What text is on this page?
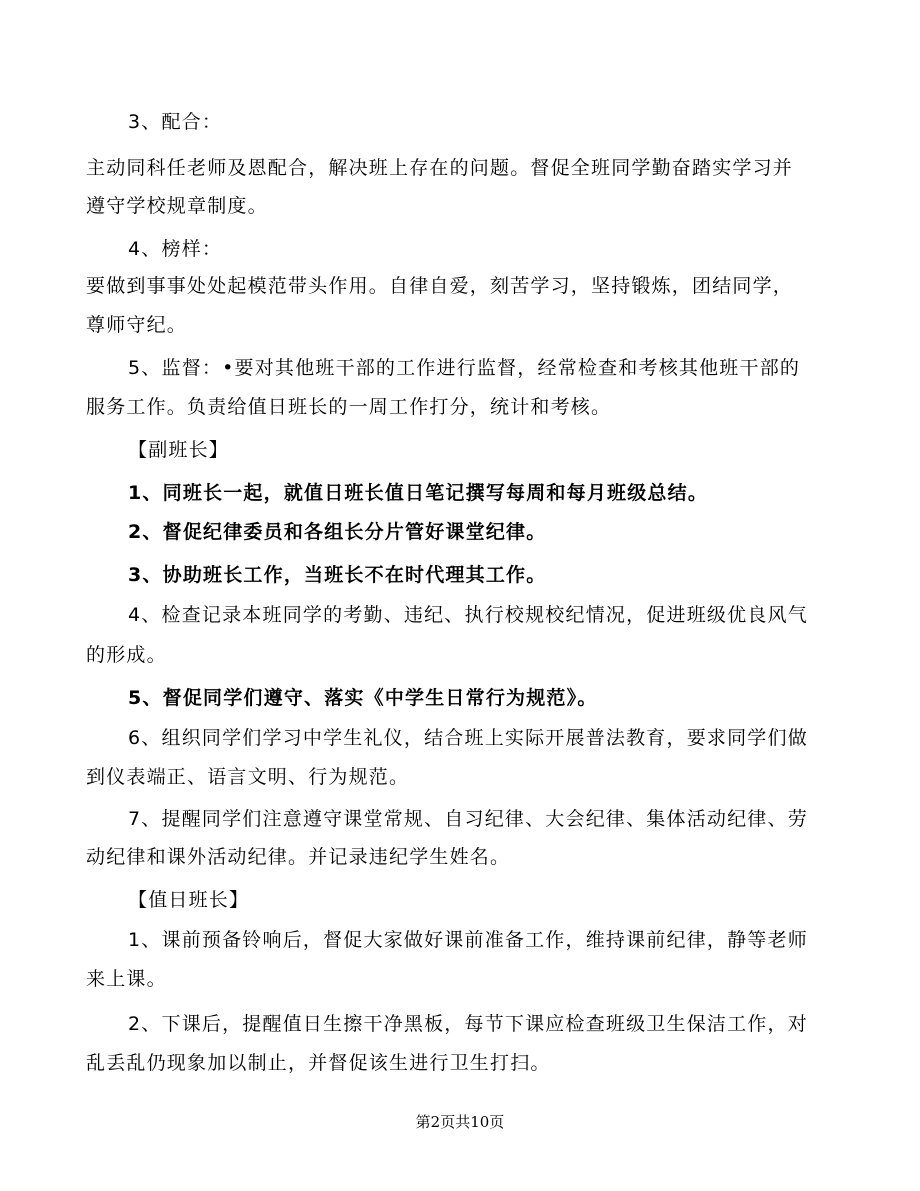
3、配合：
主动同科任老师及恩配合，解决班上存在的问题。督促全班同学勤奋踏实学习并
遵守学校规章制度。
4、榜样：
要做到事事处处起模范带头作用。自律自爱，刻苦学习，坚持锻炼，团结同学，
尊师守纪。
5、监督：•要对其他班干部的工作进行监督，经常检查和考核其他班干部的
服务工作。负责给值日班长的一周工作打分，统计和考核。
【副班长】
1、同班长一起，就值日班长值日笔记撰写每周和每月班级总结。
2、督促纪律委员和各组长分片管好课堂纪律。
3、协助班长工作，当班长不在时代理其工作。
4、检查记录本班同学的考勤、违纪、执行校规校纪情况，促进班级优良风气
的形成。
5、督促同学们遵守、落实《中学生日常行为规范》。
6、组织同学们学习中学生礼仪，结合班上实际开展普法教育，要求同学们做
到仪表端正、语言文明、行为规范。
7、提醒同学们注意遵守课堂常规、自习纪律、大会纪律、集体活动纪律、劳
动纪律和课外活动纪律。并记录违纪学生姓名。
【值日班长】
1、课前预备铃响后，督促大家做好课前准备工作，维持课前纪律，静等老师
来上课。
2、下课后，提醒值日生擦干净黑板，每节下课应检查班级卫生保洁工作，对
乱丢乱仍现象加以制止，并督促该生进行卫生打扫。
第2页共10页
